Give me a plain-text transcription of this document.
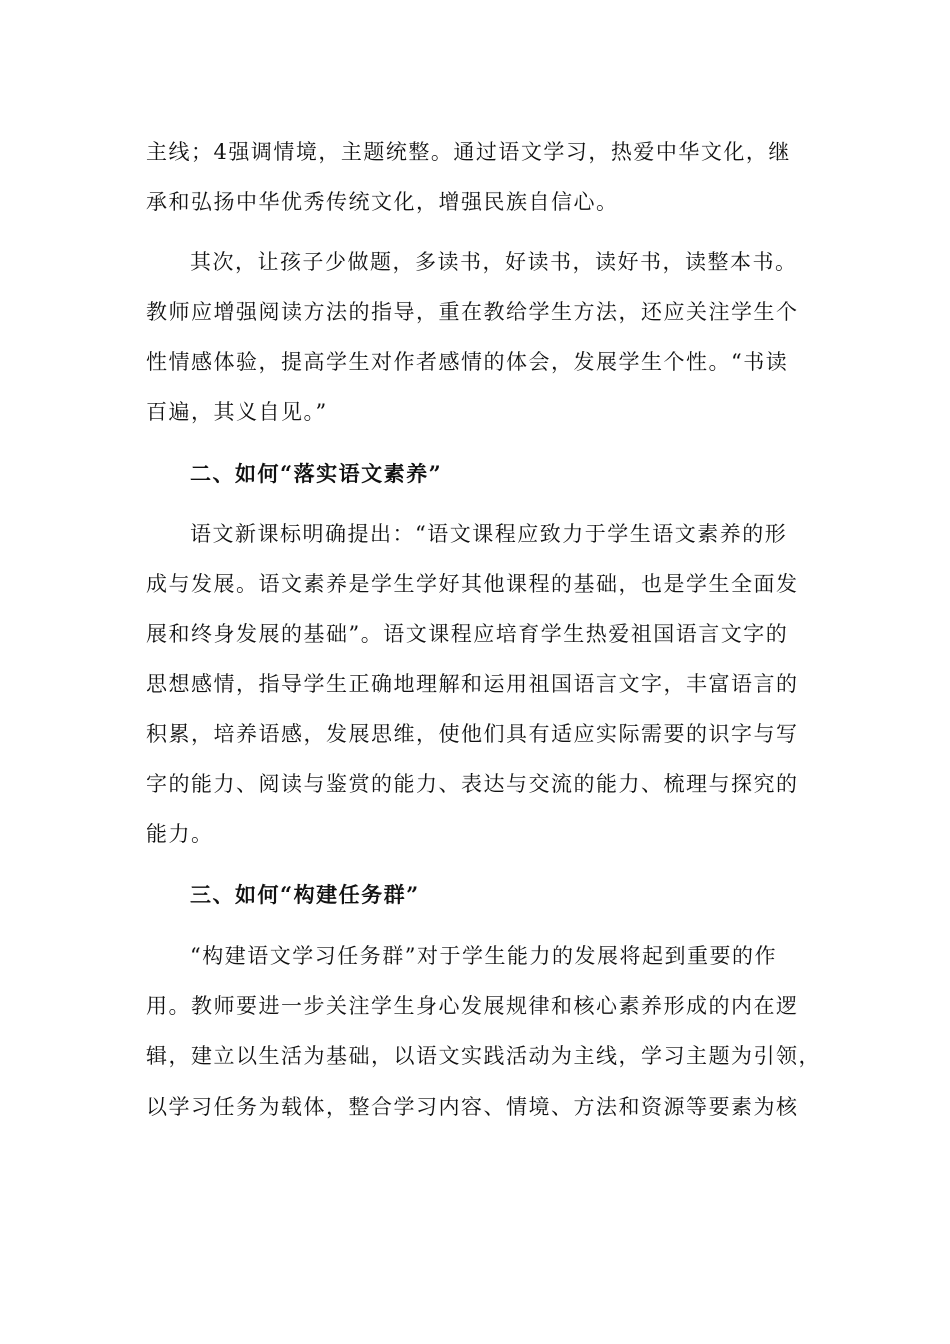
主线；4强调情境，主题统整。通过语文学习，热爱中华文化，继
承和弘扬中华优秀传统文化，增强民族自信心。
其次，让孩子少做题，多读书，好读书，读好书，读整本书。
教师应增强阅读方法的指导，重在教给学生方法，还应关注学生个
性情感体验，提高学生对作者感情的体会，发展学生个性。“书读
百遍，其义自见。”
二、如何“落实语文素养”
语文新课标明确提出：“语文课程应致力于学生语文素养的形
成与发展。语文素养是学生学好其他课程的基础，也是学生全面发
展和终身发展的基础”。语文课程应培育学生热爱祖国语言文字的
思想感情，指导学生正确地理解和运用祖国语言文字，丰富语言的
积累，培养语感，发展思维，使他们具有适应实际需要的识字与写
字的能力、阅读与鉴赏的能力、表达与交流的能力、梳理与探究的
能力。
三、如何“构建任务群”
“构建语文学习任务群”对于学生能力的发展将起到重要的作
用。教师要进一步关注学生身心发展规律和核心素养形成的内在逻
辑，建立以生活为基础，以语文实践活动为主线，学习主题为引领，
以学习任务为载体，整合学习内容、情境、方法和资源等要素为核
